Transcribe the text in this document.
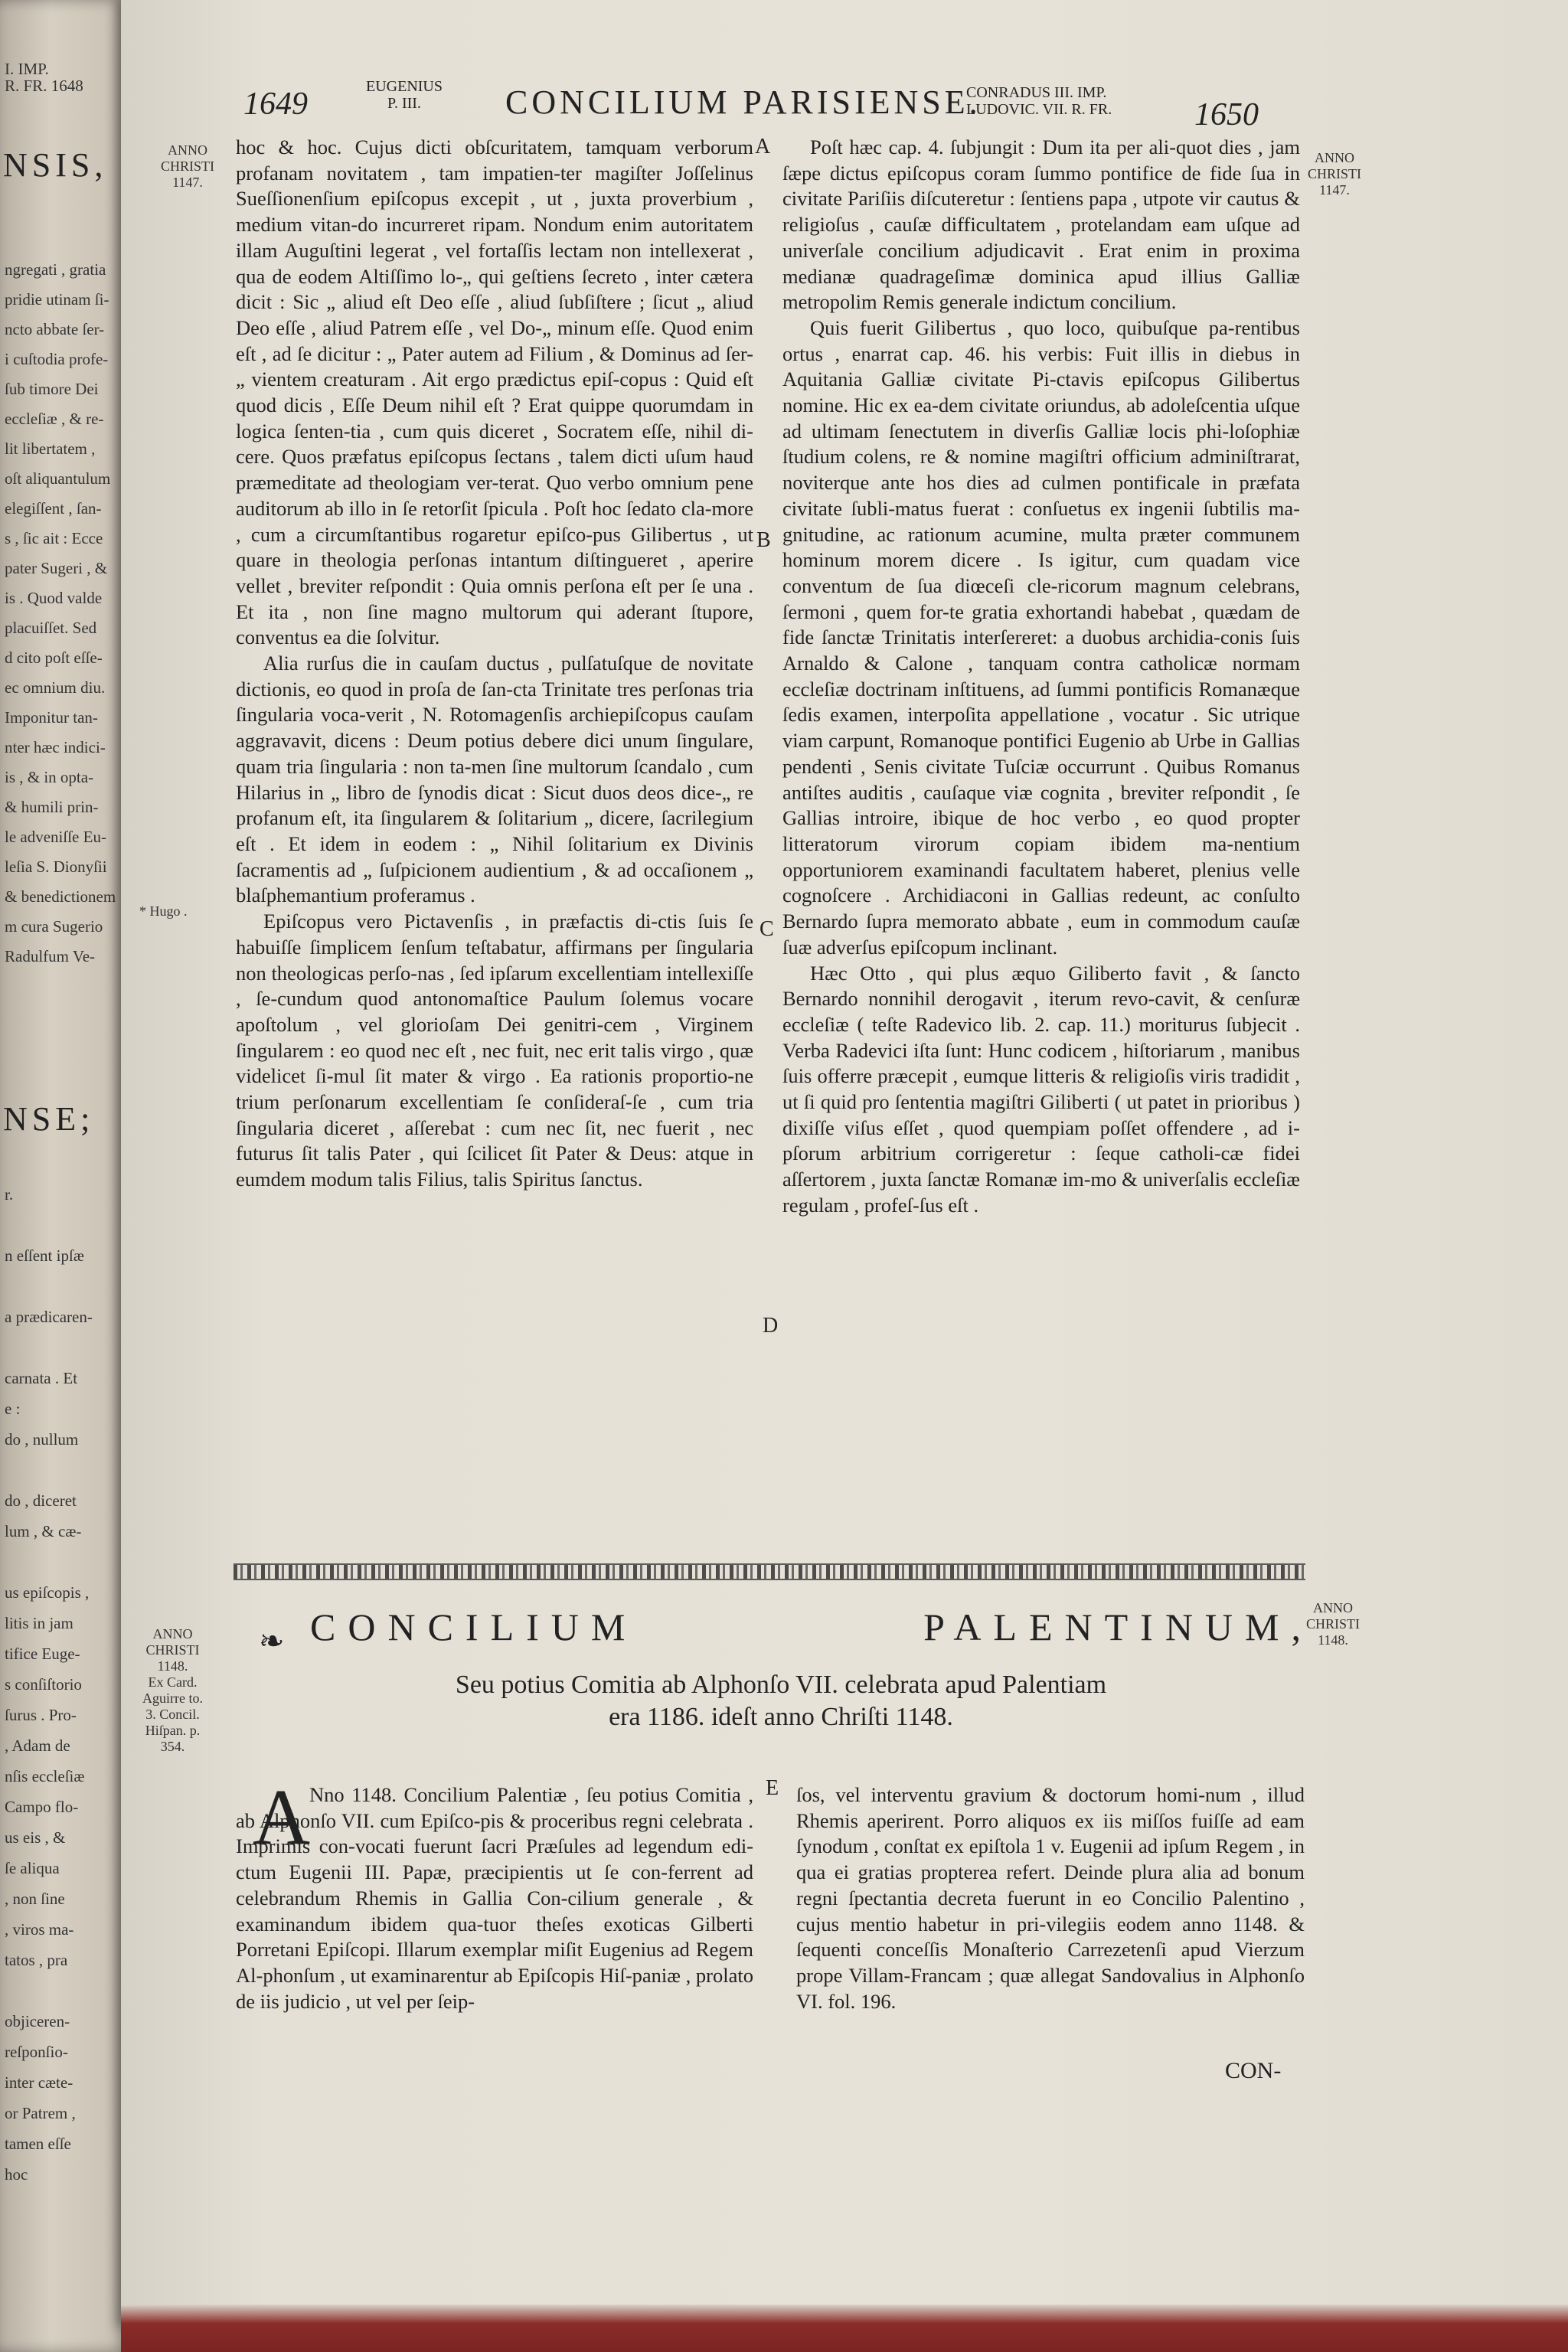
I. IMP.
R. FR. 1648
NSIS,
ngregati , gratia
pridie utinam ſi-
ncto abbate ſer-
i cuſtodia profe-
ſub timore Dei
eccleſiæ , & re-
lit libertatem ,
oſt aliquantulum
elegiſſent , ſan-
s , ſic ait : Ecce
pater Sugeri , &
is . Quod valde
placuiſſet. Sed
d cito poſt eſſe-
ec omnium diu.
Imponitur tan-
nter hæc indici-
is , & in opta-
& humili prin-
le adveniſſe Eu-
leſia S. Dionyſii
& benedictionem
m cura Sugerio
Radulfum Ve-
NSE;
r.
n eſſent ipſæ
a prædicaren-
carnata . Et
e :
do , nullum
do , diceret
lum , & cæ-
us epiſcopis ,
litis in jam
tifice Euge-
s conſiſtorio
ſurus . Pro-
, Adam de
nſis eccleſiæ
Campo flo-
us eis , &
ſe aliqua
, non ſine
, viros ma-
tatos , pra
objiceren-
reſponſio-
inter cæte-
or Patrem ,
tamen eſſe
hoc
1649	EUGENIUS
P. III.	CONCILIUM PARISIENSE.
CONRADUS III. IMP.
LUDOVIC. VII. R. FR.	1650
ANNO
CHRISTI
1147.
ANNO
CHRISTI
1147.
* Hugo .
A
B
C
D
E

hoc & hoc. Cujus dicti obſcuritatem, tamquam verborum profanam novitatem , tam impatien-ter magiſter Joſſelinus Sueſſionenſium epiſcopus excepit , ut , juxta proverbium , medium vitan-do incurreret ripam. Nondum enim autoritatem illam Auguſtini legerat , vel fortaſſis lectam non intellexerat , qua de eodem Altiſſimo lo-„ qui geſtiens ſecreto , inter cætera dicit : Sic „ aliud eſt Deo eſſe , aliud ſubſiſtere ; ſicut „ aliud Deo eſſe , aliud Patrem eſſe , vel Do-„ minum eſſe. Quod enim eſt , ad ſe dicitur : „ Pater autem ad Filium , & Dominus ad ſer-„ vientem creaturam . Ait ergo prædictus epiſ-copus : Quid eſt quod dicis , Eſſe Deum nihil eſt ? Erat quippe quorumdam in logica ſenten-tia , cum quis diceret , Socratem eſſe, nihil di-cere. Quos præfatus epiſcopus ſectans , talem dicti uſum haud præmeditate ad theologiam ver-terat. Quo verbo omnium pene auditorum ab illo in ſe retorſit ſpicula . Poſt hoc ſedato cla-more , cum a circumſtantibus rogaretur epiſco-pus Gilibertus , ut quare in theologia perſonas intantum diſtingueret , aperire vellet , breviter reſpondit : Quia omnis perſona eſt per ſe una . Et ita , non ſine magno multorum qui aderant ſtupore, conventus ea die ſolvitur.

Alia rurſus die in cauſam ductus , pulſatuſque de novitate dictionis, eo quod in proſa de ſan-cta Trinitate tres perſonas tria ſingularia voca-verit , N. Rotomagenſis archiepiſcopus cauſam aggravavit, dicens : Deum potius debere dici unum ſingulare, quam tria ſingularia : non ta-men ſine multorum ſcandalo , cum Hilarius in „ libro de ſynodis dicat : Sicut duos deos dice-„ re profanum eſt, ita ſingularem & ſolitarium „ dicere, ſacrilegium eſt . Et idem in eodem : „ Nihil ſolitarium ex Divinis ſacramentis ad „ ſuſpicionem audientium , & ad occaſionem „ blaſphemantium proferamus .

Epiſcopus vero Pictavenſis , in præfactis di-ctis ſuis ſe habuiſſe ſimplicem ſenſum teſtabatur, affirmans per ſingularia non theologicas perſo-nas , ſed ipſarum excellentiam intellexiſſe , ſe-cundum quod antonomaſtice Paulum ſolemus vocare apoſtolum , vel glorioſam Dei genitri-cem , Virginem ſingularem : eo quod nec eſt , nec fuit, nec erit talis virgo , quæ videlicet ſi-mul ſit mater & virgo . Ea rationis proportio-ne trium perſonarum excellentiam ſe conſideraſ-ſe , cum tria ſingularia diceret , aſſerebat : cum nec ſit, nec fuerit , nec futurus ſit talis Pater , qui ſcilicet ſit Pater & Deus: atque in eumdem modum talis Filius, talis Spiritus ſanctus.

Poſt hæc cap. 4. ſubjungit : Dum ita per ali-quot dies , jam ſæpe dictus epiſcopus coram ſummo pontifice de fide ſua in civitate Pariſiis diſcuteretur : ſentiens papa , utpote vir cautus & religioſus , cauſæ difficultatem , protelandam eam uſque ad univerſale concilium adjudicavit . Erat enim in proxima medianæ quadrageſimæ dominica apud illius Galliæ metropolim Remis generale indictum concilium.

Quis fuerit Gilibertus , quo loco, quibuſque pa-rentibus ortus , enarrat cap. 46. his verbis: Fuit illis in diebus in Aquitania Galliæ civitate Pi-ctavis epiſcopus Gilibertus nomine. Hic ex ea-dem civitate oriundus, ab adoleſcentia uſque ad ultimam ſenectutem in diverſis Galliæ locis phi-loſophiæ ſtudium colens, re & nomine magiſtri officium adminiſtrarat, noviterque ante hos dies ad culmen pontificale in præfata civitate ſubli-matus fuerat : conſuetus ex ingenii ſubtilis ma-gnitudine, ac rationum acumine, multa præter communem hominum morem dicere . Is igitur, cum quadam vice conventum de ſua diœceſi cle-ricorum magnum celebrans, ſermoni , quem for-te gratia exhortandi habebat , quædam de fide ſanctæ Trinitatis interſereret: a duobus archidia-conis ſuis Arnaldo & Calone , tanquam contra catholicæ normam eccleſiæ doctrinam inſtituens, ad ſummi pontificis Romanæque ſedis examen, interpoſita appellatione , vocatur . Sic utrique viam carpunt, Romanoque pontifici Eugenio ab Urbe in Gallias pendenti , Senis civitate Tuſciæ occurrunt . Quibus Romanus antiſtes auditis , cauſaque viæ cognita , breviter reſpondit , ſe Gallias introire, ibique de hoc verbo , eo quod propter litteratorum virorum copiam ibidem ma-nentium opportuniorem examinandi facultatem haberet, plenius velle cognoſcere . Archidiaconi in Gallias redeunt, ac conſulto Bernardo ſupra memorato abbate , eum in commodum cauſæ ſuæ adverſus epiſcopum inclinant.

Hæc Otto , qui plus æquo Giliberto favit , & ſancto Bernardo nonnihil derogavit , iterum revo-cavit, & cenſuræ eccleſiæ ( teſte Radevico lib. 2. cap. 11.) moriturus ſubjecit . Verba Radevici iſta ſunt: Hunc codicem , hiſtoriarum , manibus ſuis offerre præcepit , eumque litteris & religioſis viris tradidit , ut ſi quid pro ſententia magiſtri Giliberti ( ut patet in prioribus ) dixiſſe viſus eſſet , quod quempiam poſſet offendere , ad i-pſorum arbitrium corrigeretur : ſeque catholi-cæ fidei aſſertorem , juxta ſanctæ Romanæ im-mo & univerſalis eccleſiæ regulam , profeſ-ſus eſt .

❧ CONCILIUM	PALENTINUM,
ANNO
CHRISTI
1148.
Ex Card.
Aguirre to.
3. Concil.
Hiſpan. p.
354.
ANNO
CHRISTI
1148.
Seu potius Comitia ab Alphonſo VII. celebrata apud Palentiam
era 1186. ideſt anno Chriſti 1148.
A

Nno 1148. Concilium Palentiæ , ſeu potius Comitia , ab Alphonſo VII. cum Epiſco-pis & proceribus regni celebrata . Imprimis con-vocati fuerunt ſacri Præſules ad legendum edi-ctum Eugenii III. Papæ, præcipientis ut ſe con-ferrent ad celebrandum Rhemis in Gallia Con-cilium generale , & examinandum ibidem qua-tuor theſes exoticas Gilberti Porretani Epiſcopi. Illarum exemplar miſit Eugenius ad Regem Al-phonſum , ut examinarentur ab Epiſcopis Hiſ-paniæ , prolato de iis judicio , ut vel per ſeip-

ſos, vel interventu gravium & doctorum homi-num , illud Rhemis aperirent. Porro aliquos ex iis miſſos fuiſſe ad eam ſynodum , conſtat ex epiſtola 1 v. Eugenii ad ipſum Regem , in qua ei gratias propterea refert. Deinde plura alia ad bonum regni ſpectantia decreta fuerunt in eo Concilio Palentino , cujus mentio habetur in pri-vilegiis eodem anno 1148. & ſequenti conceſſis Monaſterio Carrezetenſi apud Vierzum prope Villam-Francam ; quæ allegat Sandovalius in Alphonſo VI. fol. 196.

CON-
